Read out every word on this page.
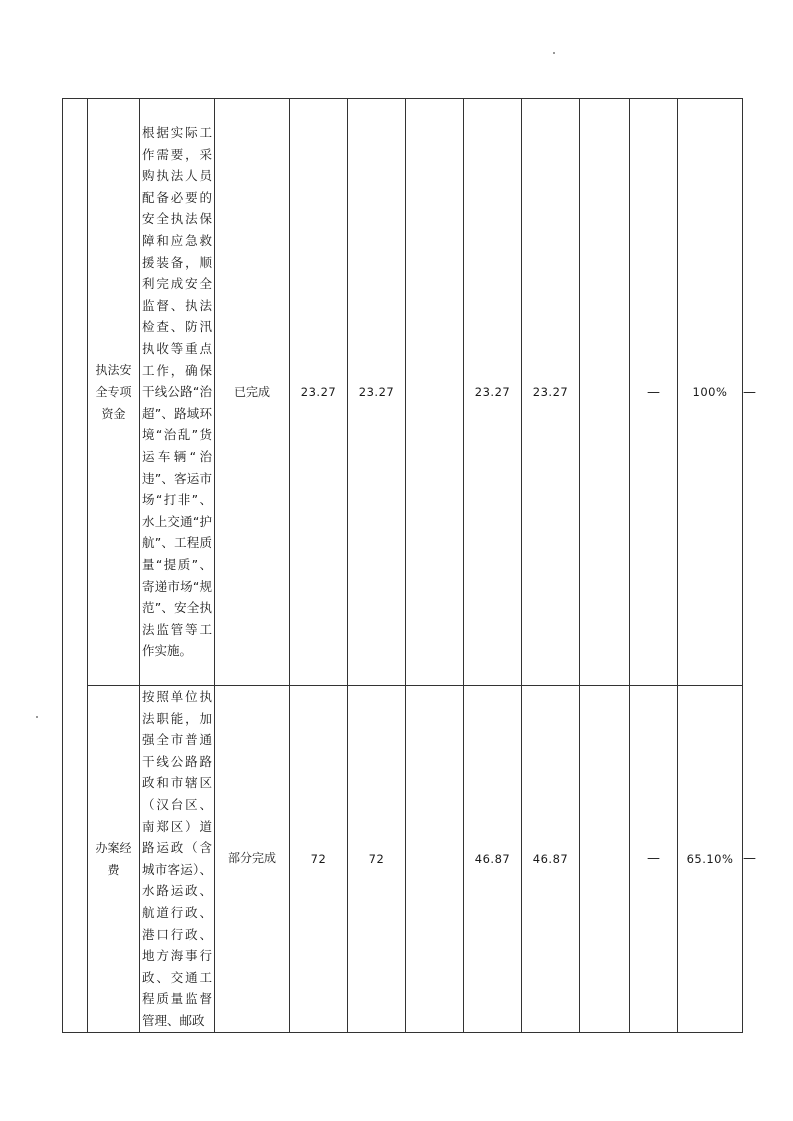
	执法安全专项资金	根据实际工作需要，采购执法人员配备必要的安全执法保障和应急救援装备，顺利完成安全监督、执法检查、防汛执收等重点工作，确保干线公路“治超”、路域环境“治乱”货运车辆“治违”、客运市场“打非”、水上交通“护航”、工程质量“提质”、寄递市场“规范”、安全执法监管等工作实施。	已完成	23.27	23.27		23.27	23.27		—	100%	—
	办案经费	按照单位执法职能，加强全市普通干线公路路政和市辖区（汉台区、南郑区）道路运政（含城市客运）、水路运政、航道行政、港口行政、地方海事行政、交通工程质量监督管理、邮政	部分完成	72	72		46.87	46.87		—	65.10%	—
